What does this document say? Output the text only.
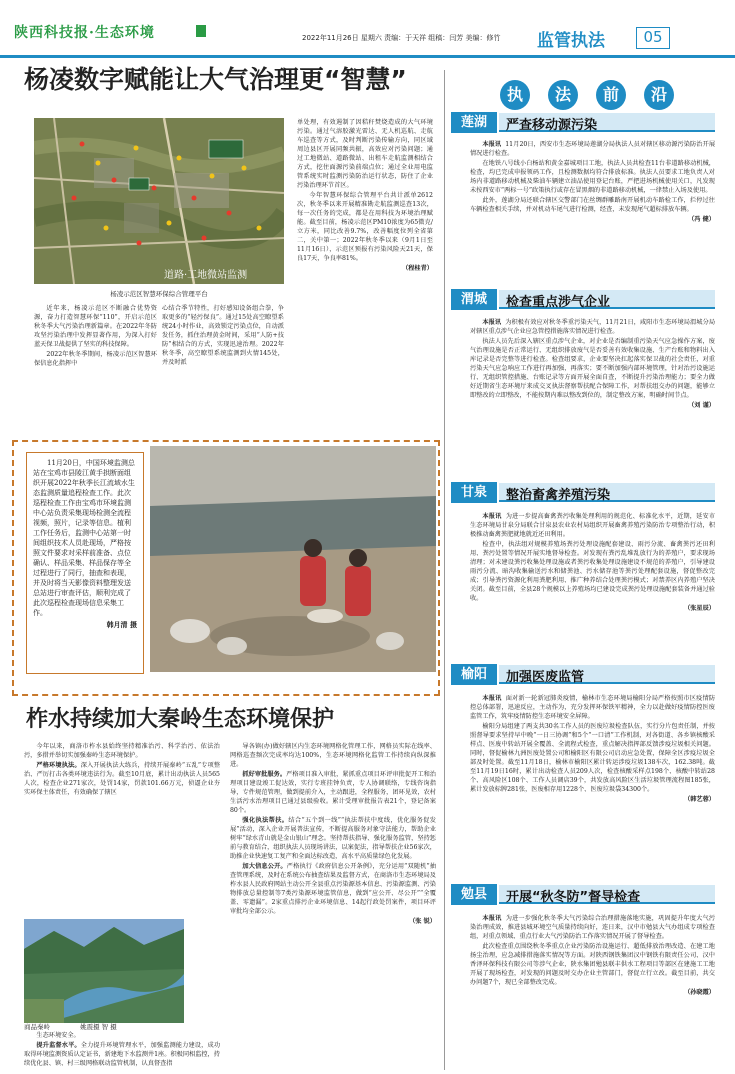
陕西科技报·生态环境	2022年11月26日 星期六 责编：于天祥 组稿：闫芳 美编：修竹 监管执法	05
杨凌数字赋能让大气治理更“智慧”
道路·工地微站监测
杨凌示范区智慧环保综合管理平台

近年来，杨凌示范区不断融合优势资源，奋力打造智慧环保“110”，开启示范区秋冬季大气污染治理新篇章。在2022年冬防攻坚污染治理中发挥显著作用，为深入打好蓝天保卫战提供了坚实的科技保障。

2022年秋冬季期间，杨凌示范区智慧环保信息化指挥中

心结合季节特性，打好感知设备组合拳，争取更多的“轻污保良”。通过15处高空瞭望系统24小时作业，高效锁定污染点位，自动派发任务，抓住治理黄金时间，采用“人防+技防”相结合的方式，实现迅速治理。2022年秋冬季，高空瞭望系统监测到火情145处，并及时派

单处理，有效遏制了因秸秆焚烧造成的大气环境污染。通过气溶胶激光雷达、无人机巡航、走航车巡查等方式，及时判断污染传输方向，同区域周边县区开展同频共振，高效应对污染问题；通过工地微站、道路微站、出租车走航监测相结合方式，挖住面源污染前端点位；通过全业用电监管系统实时监测污染防治运行状态，防住了企业污染治理环节首区。

今年智慧环保综合管理平台共计派单2612次，秋冬季以来开展精准勘走航监测巡查13次，每一次任务的完成，都是在用科技为环境治理赋能。截至目前，杨凌示范区PM10浓度为65微克/立方米，同比改善9.7%，改善幅度位列全省第二，关中第一；2022年秋冬季以来（9月1日至11月16日），示范区预报有污染风险天21天，保良17天，争良率81%。

（程桂青）

11月20日，中国环境监测总站在宝鸡市县陵江黄手拱断面组织开展2022年秋季长江流域水生态监测质量追程检查工作。此次巡程检查工作由宝鸡市环境监测中心站负责采集现场检测全流程视频，照片，记录等信息。植利工作任务后，监测中心站第一时间组织技术人员赴现场，严格按照文件要求对采样前准备、点位确认、样品采集、样品保存等全过程进行了同行，抽查和表现，并及时将当天影像资料整理发送总站进行审查评估，顺利完成了此次巡程检查现场信息采集工作。

韩月清 摄
柞水持续加大秦岭生态环境保护

今年以来，商洛市柞水县始终坚持精准治污、科学治污、依法治污，多措并举切实加强秦岭生态环境保护。

严格环境执法。深入开展执法大练兵，持续开展秦岭“五乱”专项整治、严厉打击各类环境违法行为。截至10月底，累计出动执法人员565人次，检查企业271家次，处罚14家，罚款101.66万元，侦逼企业夯实环保主体责任，有效确保了辖区

商品秦岭	姚震摄 智 摄

生态环境安全。

提升监督水平。全力提升环境管理水平，加强监测能力建设，成功取得环境监测资质认定证书，新建地下水监测井1座。积极同相监控，持续优化县、镇、村三级网格联动监管机制，认真督查指

导各镇(办)做好辖区内生态环境网格化管理工作，网格员实际在线率、网格巡查频次完成率均达100%，生态环境网格化监管工作持续向纵深推进。

抓好审批服务。严格项目准入审批，紧抓重点项目环评审批促开工和治理项目建设竣工促达效，实行专班挂钟负责，专人协调联络，专线咨询指导，专件规范管理，做到提前介入，主动跟进，全程服务，团环见效，农村生活污水治理项目已通过县级验收。累计受理审批报告表21个，登记备案80个。

强化执法帮扶。结合“五个到一线”“执法帮扶中度线，优化服务促发展”活动，深入企业开展普法宣传，不断提高服务对象守法能力，帮助企业树牢“绿水青山就是金山银山”理念。坚持帮扶指导、强化服务监管，坚持惩前与教育结合，组织执法人员现场讲法，以案促法，指导帮扶企业56家次，助推企业快速复工复产和全面达标改造，高水平高质量绿色化发展。

加大信息公开。严格执行《政府信息公开条例》，充分运用“双随机”抽查管理系统，及时在系统公布抽查结果及监督方式，在商洛市生态环境局及柞水县人民政府网站主动公开全县重点污染源基本信息、污染源监测、污染物排放总量控制等7类污染源环境监管信息，做到“应公开、尽公开”“全覆盖、零遗漏”。2家重点排污企业环境信息、14起行政处罚案件，项目环评审批均全部公示。

（张 锐）
执	法	前	沿
莲湖	严查移动源污染

本报讯 11月20日，西安市生态环境局莲湖分局执法人员对辖区移动源污染防治开展情况进行检查。

在地铁八号线小白杨站和黄金嘉城项目工地，执法人员共检查11台非道路移动机械，检查，均已完成申报领码工作，且检测数据均符合排放标准。执法人员要求工地负责人对场内非道路移动机械及柴油车辆建立油品使用登记台账，严把进场机械使用关口，凡发现未按西安市“两标一号”政策执行或存在冒黑烟的非道路移动机械，一律禁止入场及使用。

此外，莲湖分局还联合辖区交警部门在丝绸群雕路南开展机动车路检工作，拦停过往车辆检查相关手续，并对机动车尾气进行检测，经查，未发现尾气超标排放车辆。

（冯 健）
渭城	检查重点涉气企业

本报讯 为积极有效应对秋冬季重污染天气，11月21日，咸阳市生态环境局渭城分局对辖区重点涉气企业应急管控措施落实情况进行检查。

执法人员先后深入辖区重点涉气企业，对企业是否编制重污染天气应急操作方案，废气治理设施是否正常运行、无组织排放废气是否妥善有效收集设施、生产台账和物料出入库记录是否完整等进行检查。检查组要求，企业要坚决扛起落实保卫战的社会责任，对重污染天气应急响应工作进行再加强，再落实；要不断加强内部环境管理，针对治污设施运行、无组织管控措施、台账记录等方面开展全面自查，不断提升污染治理能力；要全力做好近期省生态环境厅来成交叉执法督察帮扶配合保障工作，对帮扶组交办的问题，能够立即整改的立即整改，不能按期内难以整改到位的，制定整改方案，明确时间节点。

（刘 谨）
甘泉	整治畜禽养殖污染

本报讯 为进一步提高畜禽粪污收集处理利用的规范化、标准化水平，近期，延安市生态环境局甘泉分局联合甘泉县农业农村局组织开展畜禽养殖污染防治专项整治行动，积极推动畜禽粪肥就地就近还田利用。

检查中，执法组对规模养殖场粪污处理设施配套建设、雨污分流、畜禽粪污还田利用、粪污处置等情况开展实地督导检查。对发现有粪污乱堆乱放行为的养殖户，要求现场清理；对未建设粪污收集处理设施或者粪污收集处理设施建设不规范的养殖户，引导建设雨污分流、暗沟收集输送污水和储粪池、污水储存池等粪污处理配套设施，督促整改完成；引导粪污资源化利用粪肥利用、推广种养结合处理粪污模式；对禁养区内养殖户坚决关闭。截至目前，全县28个规模以上养殖场均已建设完成粪污处理设施配套装备并通过验收。

（张星辰）
榆阳	加强医废监管

本报讯 面对新一轮新冠肺炎疫情，榆林市生态环境局榆阳分局严格按照市区疫情防控总体部署，迅速反应，主动作为，充分发挥环保铁军精神，全力以赴做好疫情防控医废监管工作，筑牢疫情防控生态环境安全屏障。

榆阳分局组建了两支共30名工作人员的医废垃圾检查队伍，实行分片包责任制，并按照督导要求坚持早中晚“一日三协调”和5个“一口清”工作机制，对各街道、各乡镇核酸采样点、医废中转站开展全覆盖、全流程式检查，重点解决指挥部反馈涉疫垃圾相关问题。同时，督促榆林九洲医废处置公司和榆阳区有限公司启动应急处置，保障全区涉疫垃圾全部及时处置。截至11月18日，榆林市榆阳区累计转运涉疫垃圾138车次，162.38吨。截至11月19日16时，累计出动检查人员209人次，检查核酸采样点198个、核酸中转站28个、高风险区108个、工作人员调店39个，共发放高风险区生活垃圾管理流程图185张，累计发放标牌281张，医废相存用1228个、医废垃圾袋34300个。

（韩艺蓉）
勉县	开展“秋冬防”督导检查

本报讯 为进一步强化秋冬季大气污染综合治理措施落地实施，巩固提升年度大气污染治理成效，推进县城环境空气质量持续向好，连日来，汉中市勉县大气办组成专项检查组，对重点领域、重点行业大气污染防治工作落实情况开展了督导检查。

此次检查重点围绕秋冬季重点企业污染防治设施运行、超低排放治理改造、在建工地扬尘治理，应急减排措施落实情况等方面。对陕西钢铁集团汉中钢铁有限责任公司、汉中香泽环保科技有限公司等涉气企业，陕水集团勉县联丰供水工程项目等部区在建施工工地开展了现场检查，对发现的问题及时交办企业主管部门，督促立行立改。截至目前，共交办问题7个，现已全部整改完成。

（孙晓霞）
